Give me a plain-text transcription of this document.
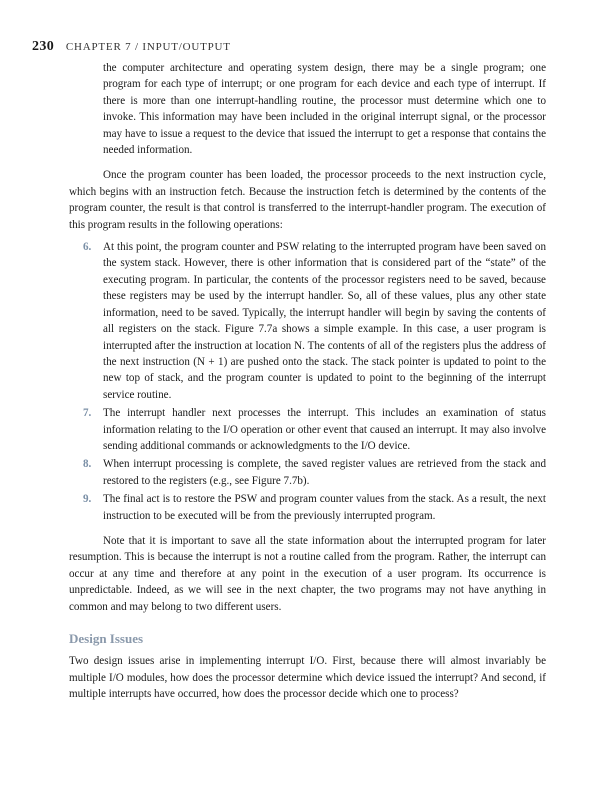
230 CHAPTER 7 / INPUT/OUTPUT

the computer architecture and operating system design, there may be a single program; one program for each type of interrupt; or one program for each device and each type of interrupt. If there is more than one interrupt-handling routine, the processor must determine which one to invoke. This information may have been included in the original interrupt signal, or the processor may have to issue a request to the device that issued the interrupt to get a response that contains the needed information.

Once the program counter has been loaded, the processor proceeds to the next instruction cycle, which begins with an instruction fetch. Because the instruction fetch is determined by the contents of the program counter, the result is that control is transferred to the interrupt-handler program. The execution of this program results in the following operations:

6. At this point, the program counter and PSW relating to the interrupted program have been saved on the system stack. However, there is other information that is considered part of the “state” of the executing program. In particular, the contents of the processor registers need to be saved, because these registers may be used by the interrupt handler. So, all of these values, plus any other state information, need to be saved. Typically, the interrupt handler will begin by saving the contents of all registers on the stack. Figure 7.7a shows a simple example. In this case, a user program is interrupted after the instruction at location N. The contents of all of the registers plus the address of the next instruction (N + 1) are pushed onto the stack. The stack pointer is updated to point to the new top of stack, and the program counter is updated to point to the beginning of the interrupt service routine.
7. The interrupt handler next processes the interrupt. This includes an examination of status information relating to the I/O operation or other event that caused an interrupt. It may also involve sending additional commands or acknowledgments to the I/O device.
8. When interrupt processing is complete, the saved register values are retrieved from the stack and restored to the registers (e.g., see Figure 7.7b).
9. The final act is to restore the PSW and program counter values from the stack. As a result, the next instruction to be executed will be from the previously interrupted program.

Note that it is important to save all the state information about the interrupted program for later resumption. This is because the interrupt is not a routine called from the program. Rather, the interrupt can occur at any time and therefore at any point in the execution of a user program. Its occurrence is unpredictable. Indeed, as we will see in the next chapter, the two programs may not have anything in common and may belong to two different users.

Design Issues

Two design issues arise in implementing interrupt I/O. First, because there will almost invariably be multiple I/O modules, how does the processor determine which device issued the interrupt? And second, if multiple interrupts have occurred, how does the processor decide which one to process?
